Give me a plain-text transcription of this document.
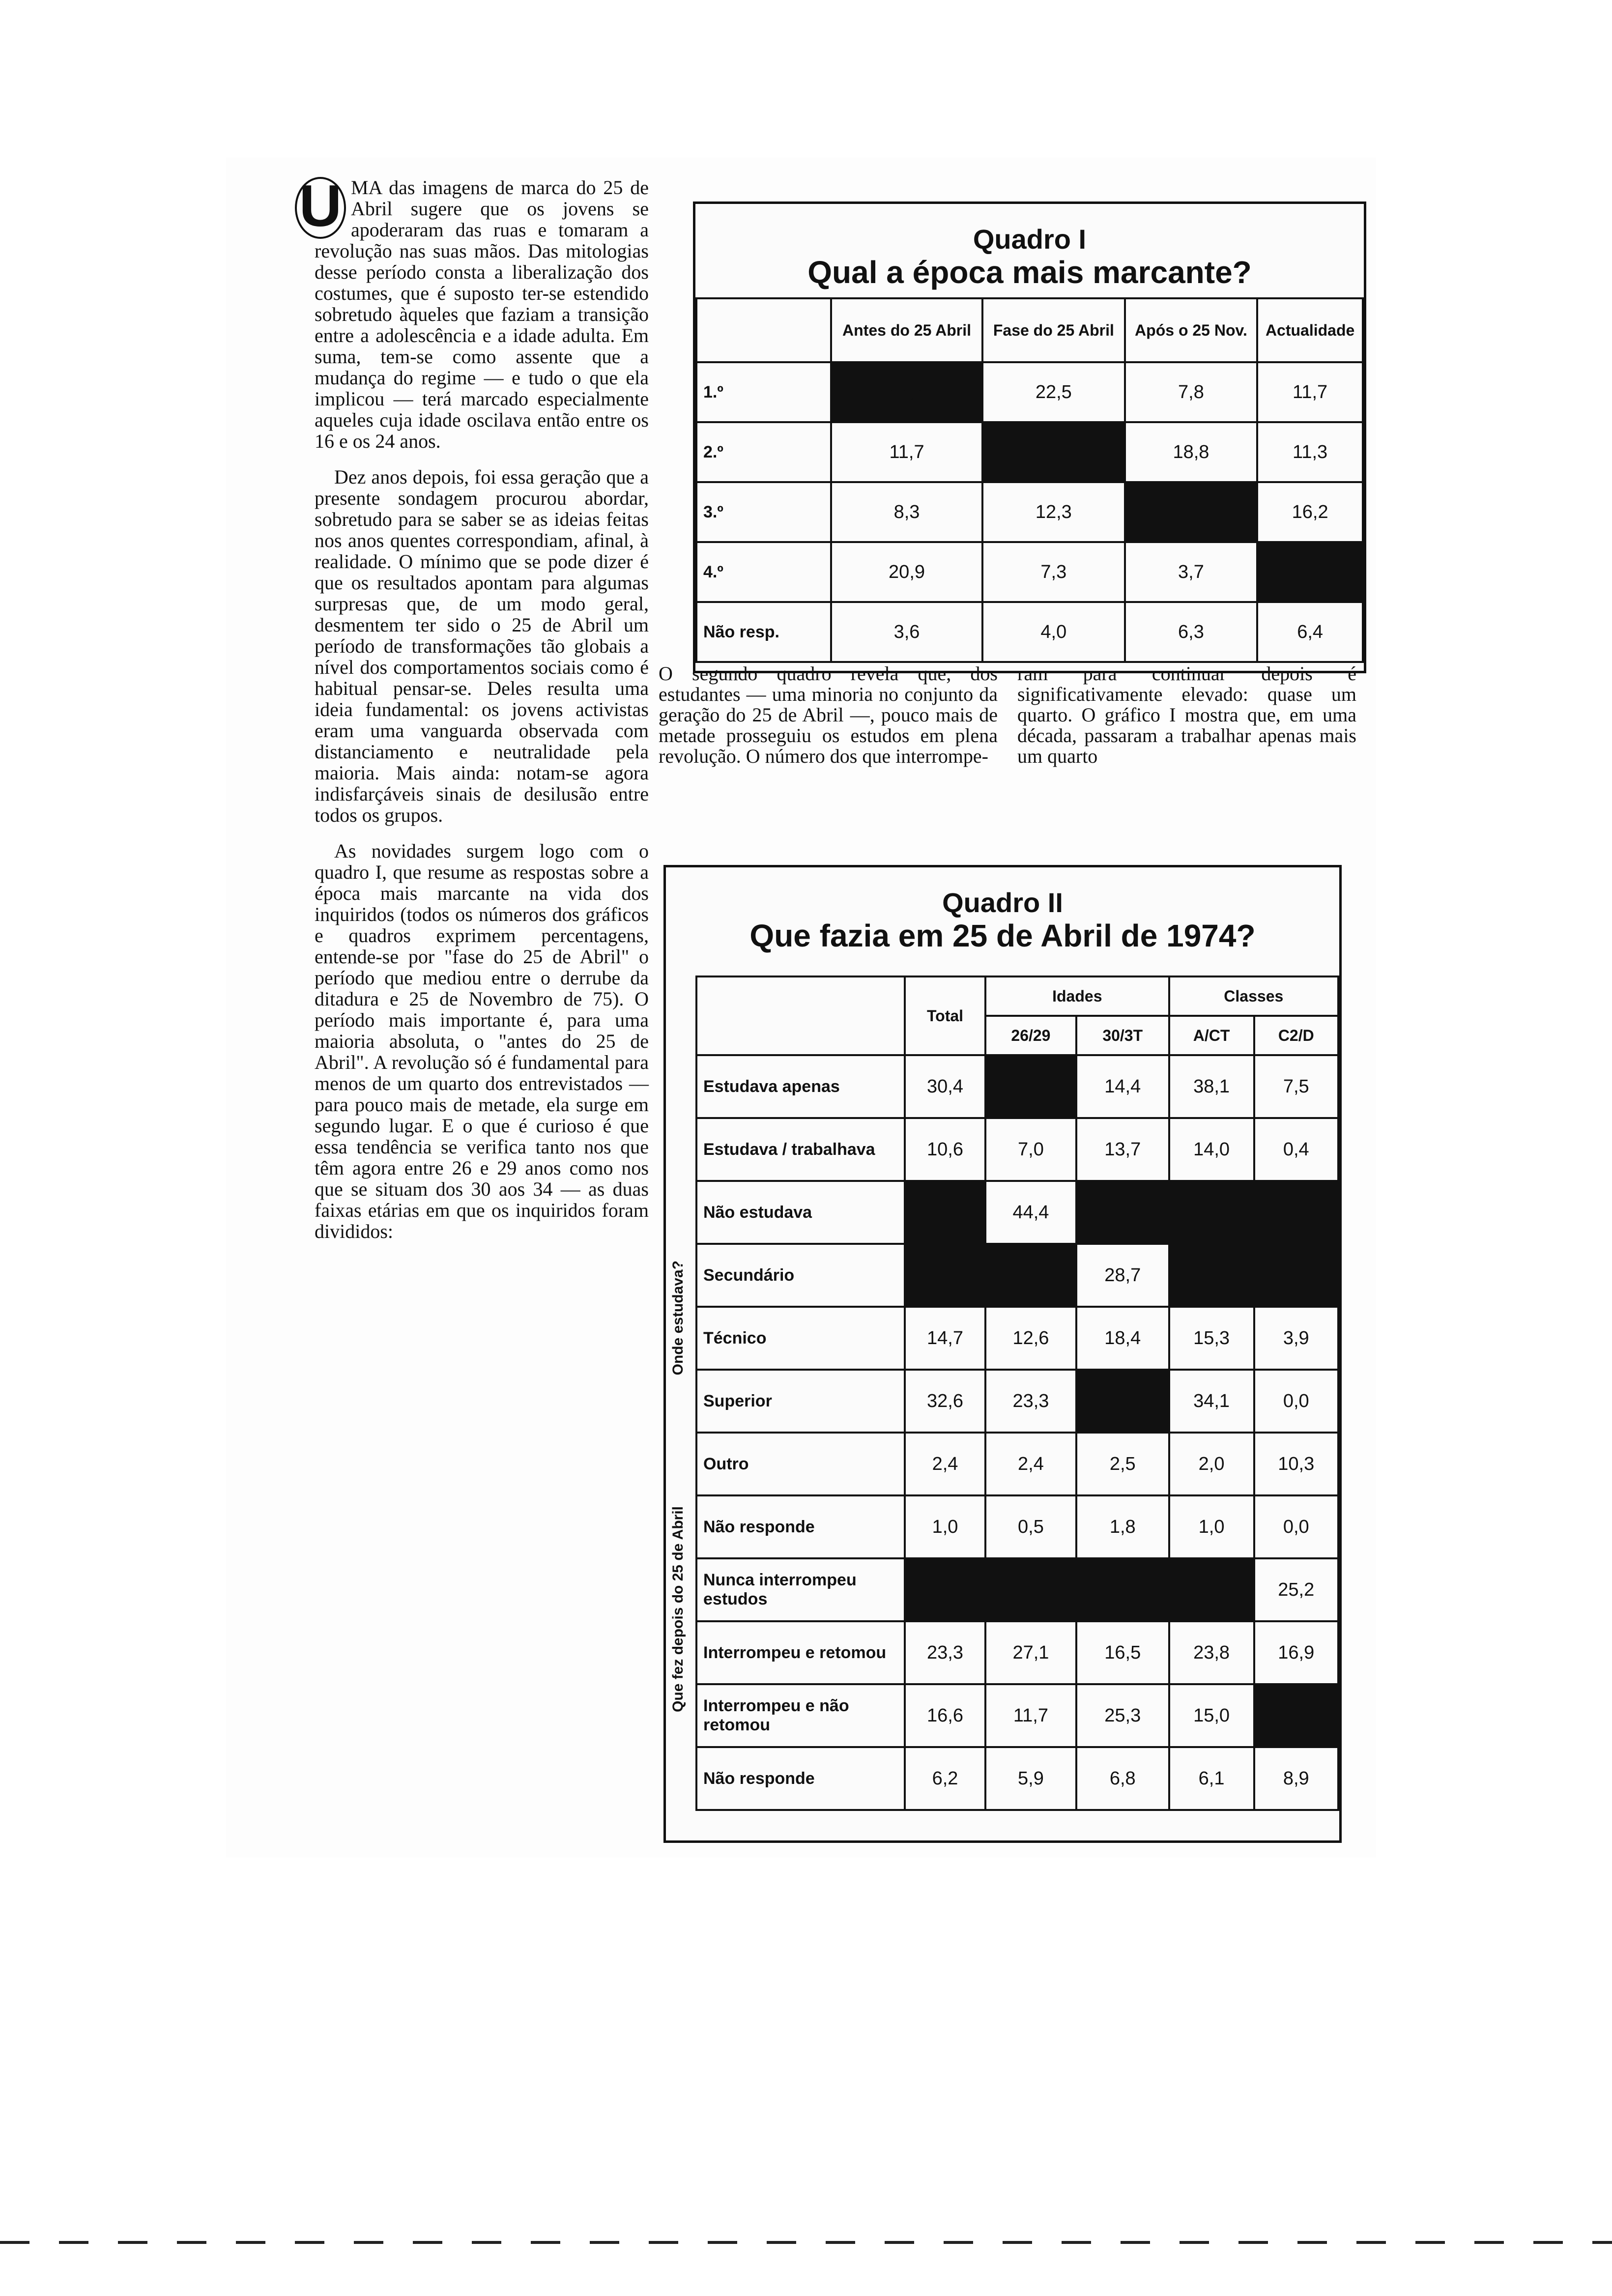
U MA das imagens de marca do 25 de Abril sugere que os jovens se apoderaram das ruas e tomaram a revolução nas suas mãos. Das mitologias desse período consta a liberalização dos costumes, que é suposto ter-se estendido sobretudo àqueles que faziam a transição entre a adolescência e a idade adulta. Em suma, tem-se como assente que a mudança do regime — e tudo o que ela implicou — terá marcado especialmente aqueles cuja idade oscilava então entre os 16 e os 24 anos.

Dez anos depois, foi essa geração que a presente sondagem procurou abordar, sobretudo para se saber se as ideias feitas nos anos quentes correspondiam, afinal, à realidade. O mínimo que se pode dizer é que os resultados apontam para algumas surpresas que, de um modo geral, desmentem ter sido o 25 de Abril um período de transformações tão globais a nível dos comportamentos sociais como é habitual pensar-se. Deles resulta uma ideia fundamental: os jovens activistas eram uma vanguarda observada com distanciamento e neutralidade pela maioria. Mais ainda: notam-se agora indisfarçáveis sinais de desilusão entre todos os grupos.

As novidades surgem logo com o quadro I, que resume as respostas sobre a época mais marcante na vida dos inquiridos (todos os números dos gráficos e quadros exprimem percentagens, entende-se por "fase do 25 de Abril" o período que mediou entre o derrube da ditadura e 25 de Novembro de 75). O período mais importante é, para uma maioria absoluta, o "antes do 25 de Abril". A revolução só é fundamental para menos de um quarto dos entrevistados — para pouco mais de metade, ela surge em segundo lugar. E o que é curioso é que essa tendência se verifica tanto nos que têm agora entre 26 e 29 anos como nos que se situam dos 30 aos 34 — as duas faixas etárias em que os inquiridos foram divididos:

Quadro I
Qual a época mais marcante?
	Antes do 25 Abril	Fase do 25 Abril	Após o 25 Nov.	Actualidade
1.º	56,6	22,5	7,8	11,7
2.º	11,7		18,8	11,3
3.º	8,3	12,3		16,2
4.º	20,9	7,3	3,7	
Não resp.	3,6	4,0	6,3	6,4
O segundo quadro revela que, dos estudantes — uma minoria no conjunto da geração do 25 de Abril —, pouco mais de metade prosseguiu os estudos em plena revolução. O número dos que interrompe-
ram para continuar depois é significativamente elevado: quase um quarto. O gráfico I mostra que, em uma década, passaram a trabalhar apenas mais um quarto
Quadro II
Que fazia em 25 de Abril de 1974?
Onde estudava?
Que fez depois do 25 de Abril
	Total	Idades		Classes	
		26/29	30/3T	A/CT	C2/D
Estudava apenas	30,4		14,4	38,1	7,5
Estudava / trabalhava	10,6	7,0	13,7	14,0	0,4
Não estudava		44,4			
Secundário			28,7		
Técnico	14,7	12,6	18,4	15,3	3,9
Superior	32,6	23,3		34,1	0,0
Outro	2,4	2,4	2,5	2,0	10,3
Não responde	1,0	0,5	1,8	1,0	0,0
Nunca interrompeu estudos					25,2
Interrompeu e retomou	23,3	27,1	16,5	23,8	16,9
Interrompeu e não retomou	16,6	11,7	25,3	15,0	
Não responde	6,2	5,9	6,8	6,1	8,9
